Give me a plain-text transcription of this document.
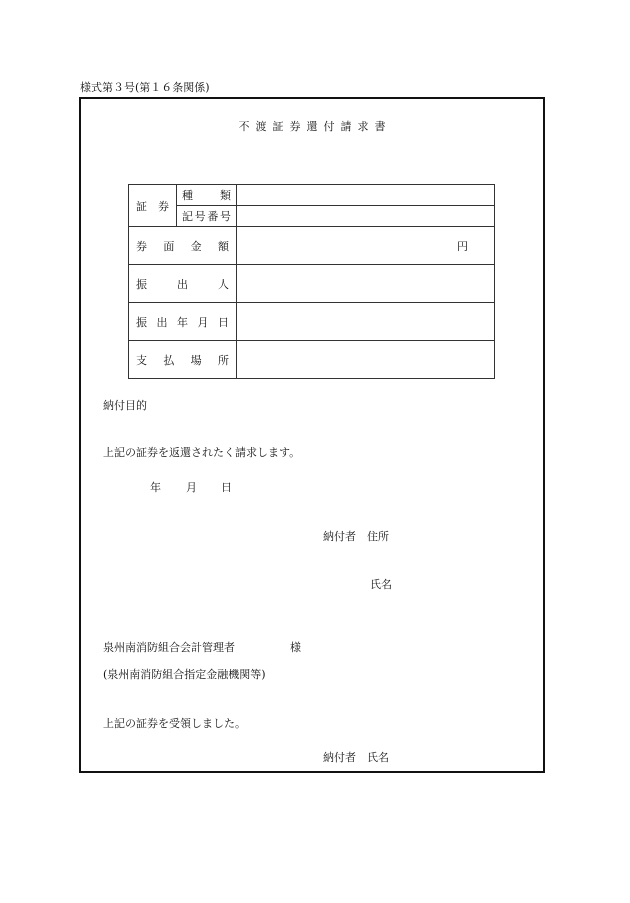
様式第３号(第１６条関係)
不渡証券還付請求書
証券	種類	
	記号番号	
券面金額		円
振出人		
振出年月日		
支払場所		
納付目的
上記の証券を返還されたく請求します。
年 月 日
納付者 住所
氏名
泉州南消防組合会計管理者	様
(泉州南消防組合指定金融機関等)
上記の証券を受領しました。
納付者 氏名
